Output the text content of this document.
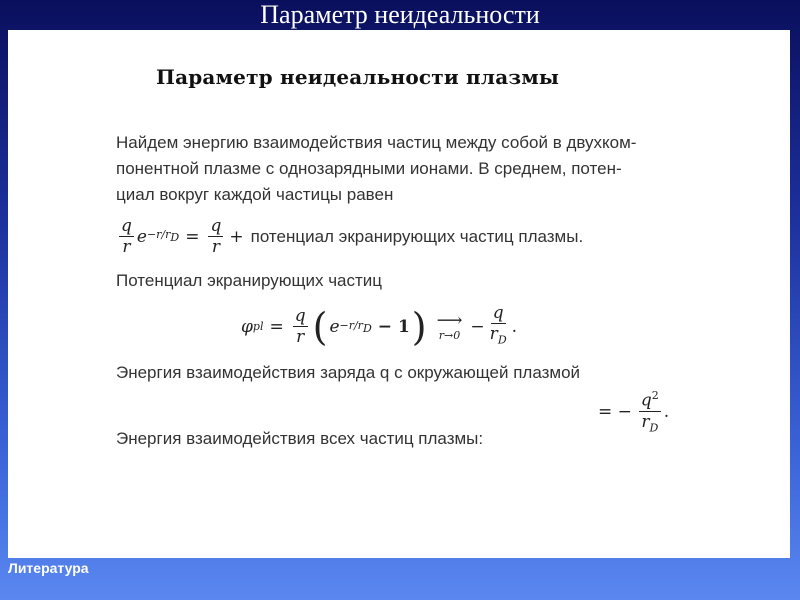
Параметр неидеальности
Параметр неидеальности плазмы
Найдем энергию взаимодействия частиц между собой в двухком-
понентной плазме с однозарядными ионами. В среднем, потен-
циал вокруг каждой частицы равен
$\frac{q}{r}$ $e -r/r_D = \frac{q}{r}$ + потенциал экранирующих частиц плазмы.
Потенциал экранирующих частиц
φ pl = $\frac{q}{r}$ ( $e -r/r_D - 1$ ) ⟶
$r\to 0 - \frac{q}{r_D}$ .
Энергия взаимодействия заряда q с окружающей плазмой
= − $\frac{q^2}{r_D}$ .
Энергия взаимодействия всех частиц плазмы:
Литература
